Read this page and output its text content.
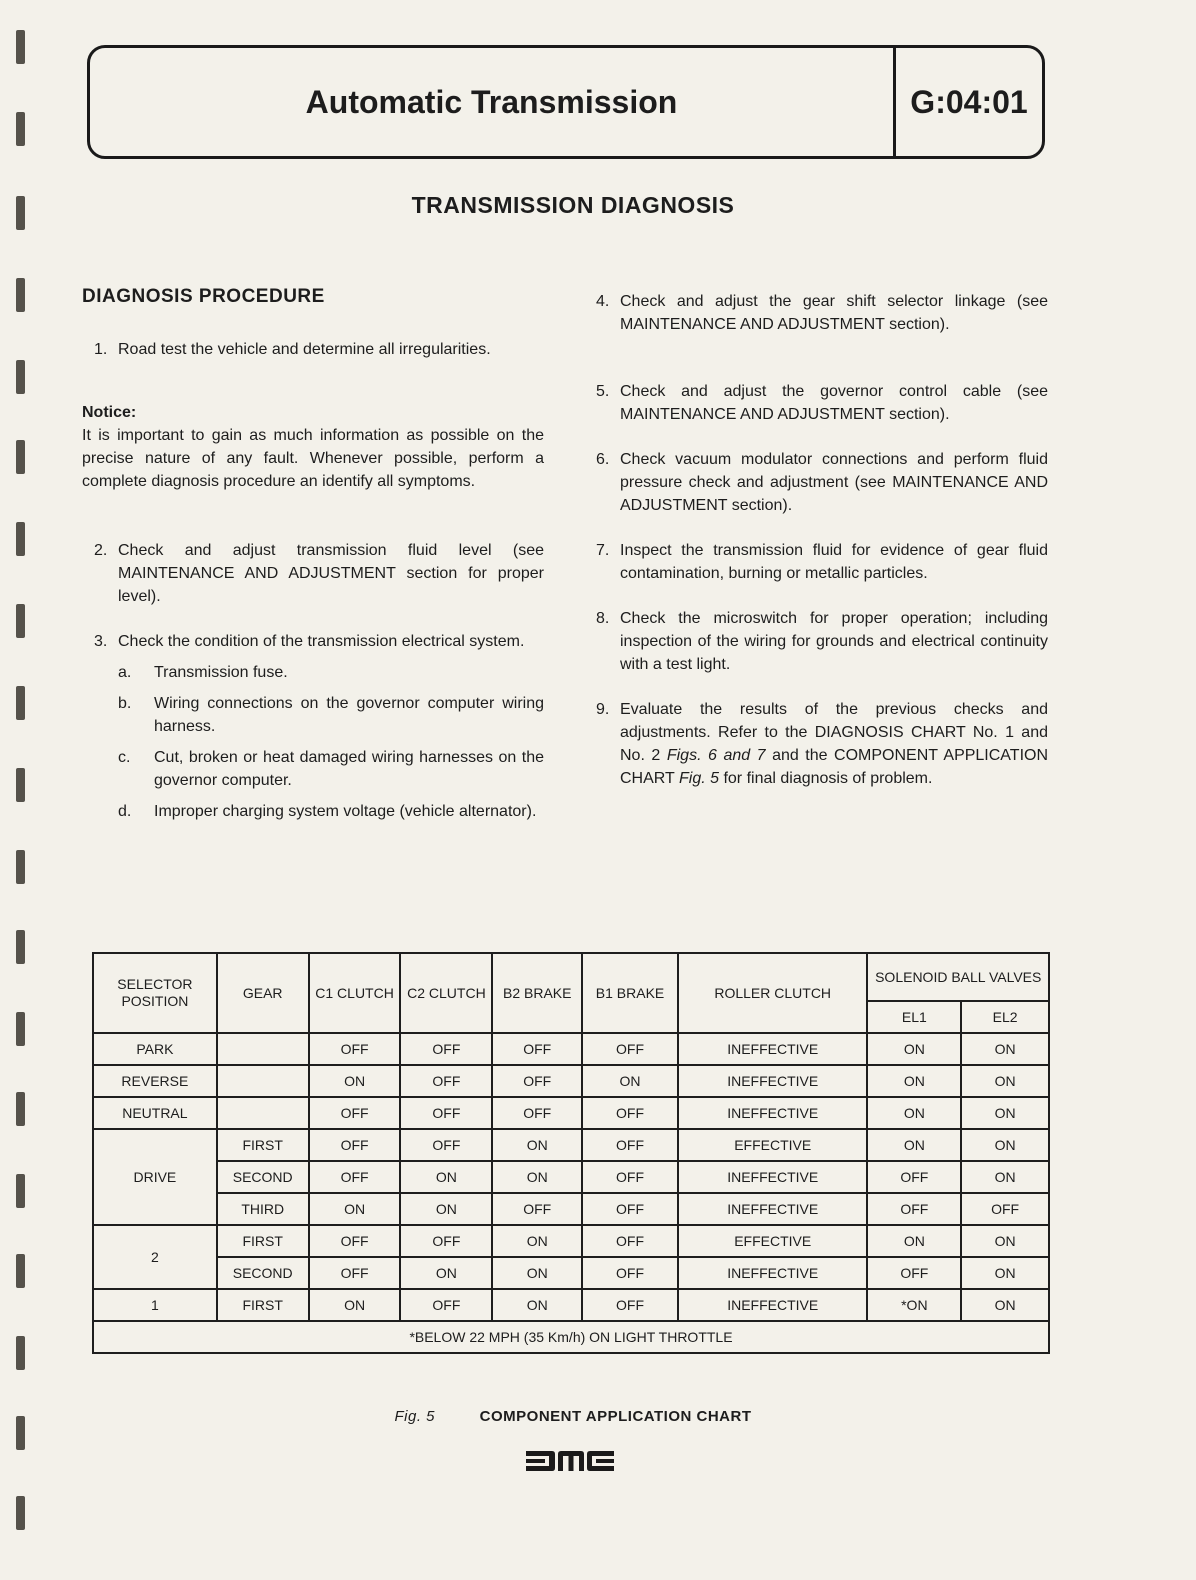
Automatic Transmission	G:04:01
TRANSMISSION DIAGNOSIS
DIAGNOSIS PROCEDURE
1. Road test the vehicle and determine all irregularities.
Notice:
It is important to gain as much information as possible on the precise nature of any fault. Whenever possible, perform a complete diagnosis procedure an identify all symptoms.
2. Check and adjust transmission fluid level (see MAINTENANCE AND ADJUSTMENT section for proper level).
3. Check the condition of the transmission electrical system.
a.	Transmission fuse.
b.	Wiring connections on the governor computer wiring harness.
c.	Cut, broken or heat damaged wiring harnesses on the governor computer.
d.	Improper charging system voltage (vehicle alternator).
4. Check and adjust the gear shift selector linkage (see MAINTENANCE AND ADJUSTMENT section).
5. Check and adjust the governor control cable (see MAINTENANCE AND ADJUSTMENT section).
6. Check vacuum modulator connections and perform fluid pressure check and adjustment (see MAINTENANCE AND ADJUSTMENT section).
7. Inspect the transmission fluid for evidence of gear fluid contamination, burning or metallic particles.
8. Check the microswitch for proper operation; including inspection of the wiring for grounds and electrical continuity with a test light.
9. Evaluate the results of the previous checks and adjustments. Refer to the DIAGNOSIS CHART No. 1 and No. 2 Figs. 6 and 7 and the COMPONENT APPLICATION CHART Fig. 5 for final diagnosis of problem.
SELECTOR POSITION	GEAR	C1 CLUTCH	C2 CLUTCH	B2 BRAKE	B1 BRAKE	ROLLER CLUTCH	SOLENOID BALL VALVES	
							EL1	EL2
PARK		OFF	OFF	OFF	OFF	INEFFECTIVE	ON	ON
REVERSE		ON	OFF	OFF	ON	INEFFECTIVE	ON	ON
NEUTRAL		OFF	OFF	OFF	OFF	INEFFECTIVE	ON	ON
DRIVE	FIRST	OFF	OFF	ON	OFF	EFFECTIVE	ON	ON
	SECOND	OFF	ON	ON	OFF	INEFFECTIVE	OFF	ON
	THIRD	ON	ON	OFF	OFF	INEFFECTIVE	OFF	OFF
2	FIRST	OFF	OFF	ON	OFF	EFFECTIVE	ON	ON
	SECOND	OFF	ON	ON	OFF	INEFFECTIVE	OFF	ON
1	FIRST	ON	OFF	ON	OFF	INEFFECTIVE	*ON	ON
*BELOW 22 MPH (35 Km/h) ON LIGHT THROTTLE								
Fig. 5	COMPONENT APPLICATION CHART
